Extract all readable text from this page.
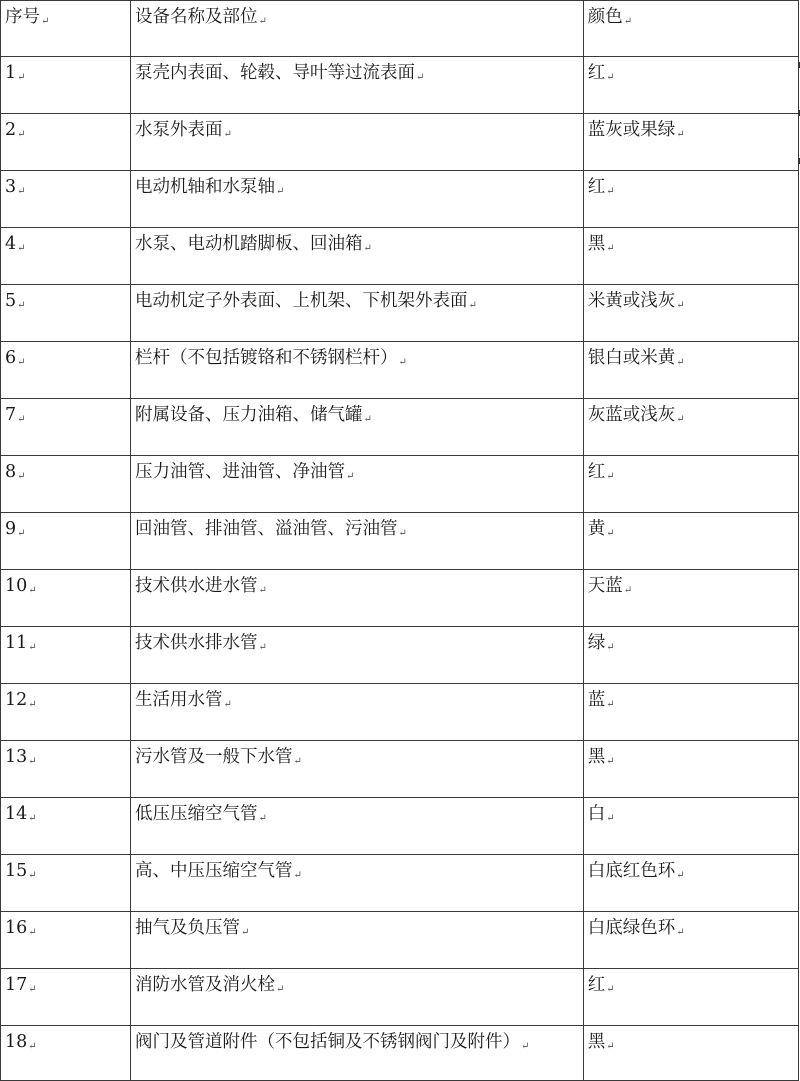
序号↵	设备名称及部位↵	颜色↵
1↵	泵壳内表面、轮毂、导叶等过流表面↵	红↵
2↵	水泵外表面↵	蓝灰或果绿↵
3↵	电动机轴和水泵轴↵	红↵
4↵	水泵、电动机踏脚板、回油箱↵	黑↵
5↵	电动机定子外表面、上机架、下机架外表面↵	米黄或浅灰↵
6↵	栏杆（不包括镀铬和不锈钢栏杆）↵	银白或米黄↵
7↵	附属设备、压力油箱、储气罐↵	灰蓝或浅灰↵
8↵	压力油管、进油管、净油管↵	红↵
9↵	回油管、排油管、溢油管、污油管↵	黄↵
10↵	技术供水进水管↵	天蓝↵
11↵	技术供水排水管↵	绿↵
12↵	生活用水管↵	蓝↵
13↵	污水管及一般下水管↵	黑↵
14↵	低压压缩空气管↵	白↵
15↵	高、中压压缩空气管↵	白底红色环↵
16↵	抽气及负压管↵	白底绿色环↵
17↵	消防水管及消火栓↵	红↵
18↵	阀门及管道附件（不包括铜及不锈钢阀门及附件）↵	黑↵
